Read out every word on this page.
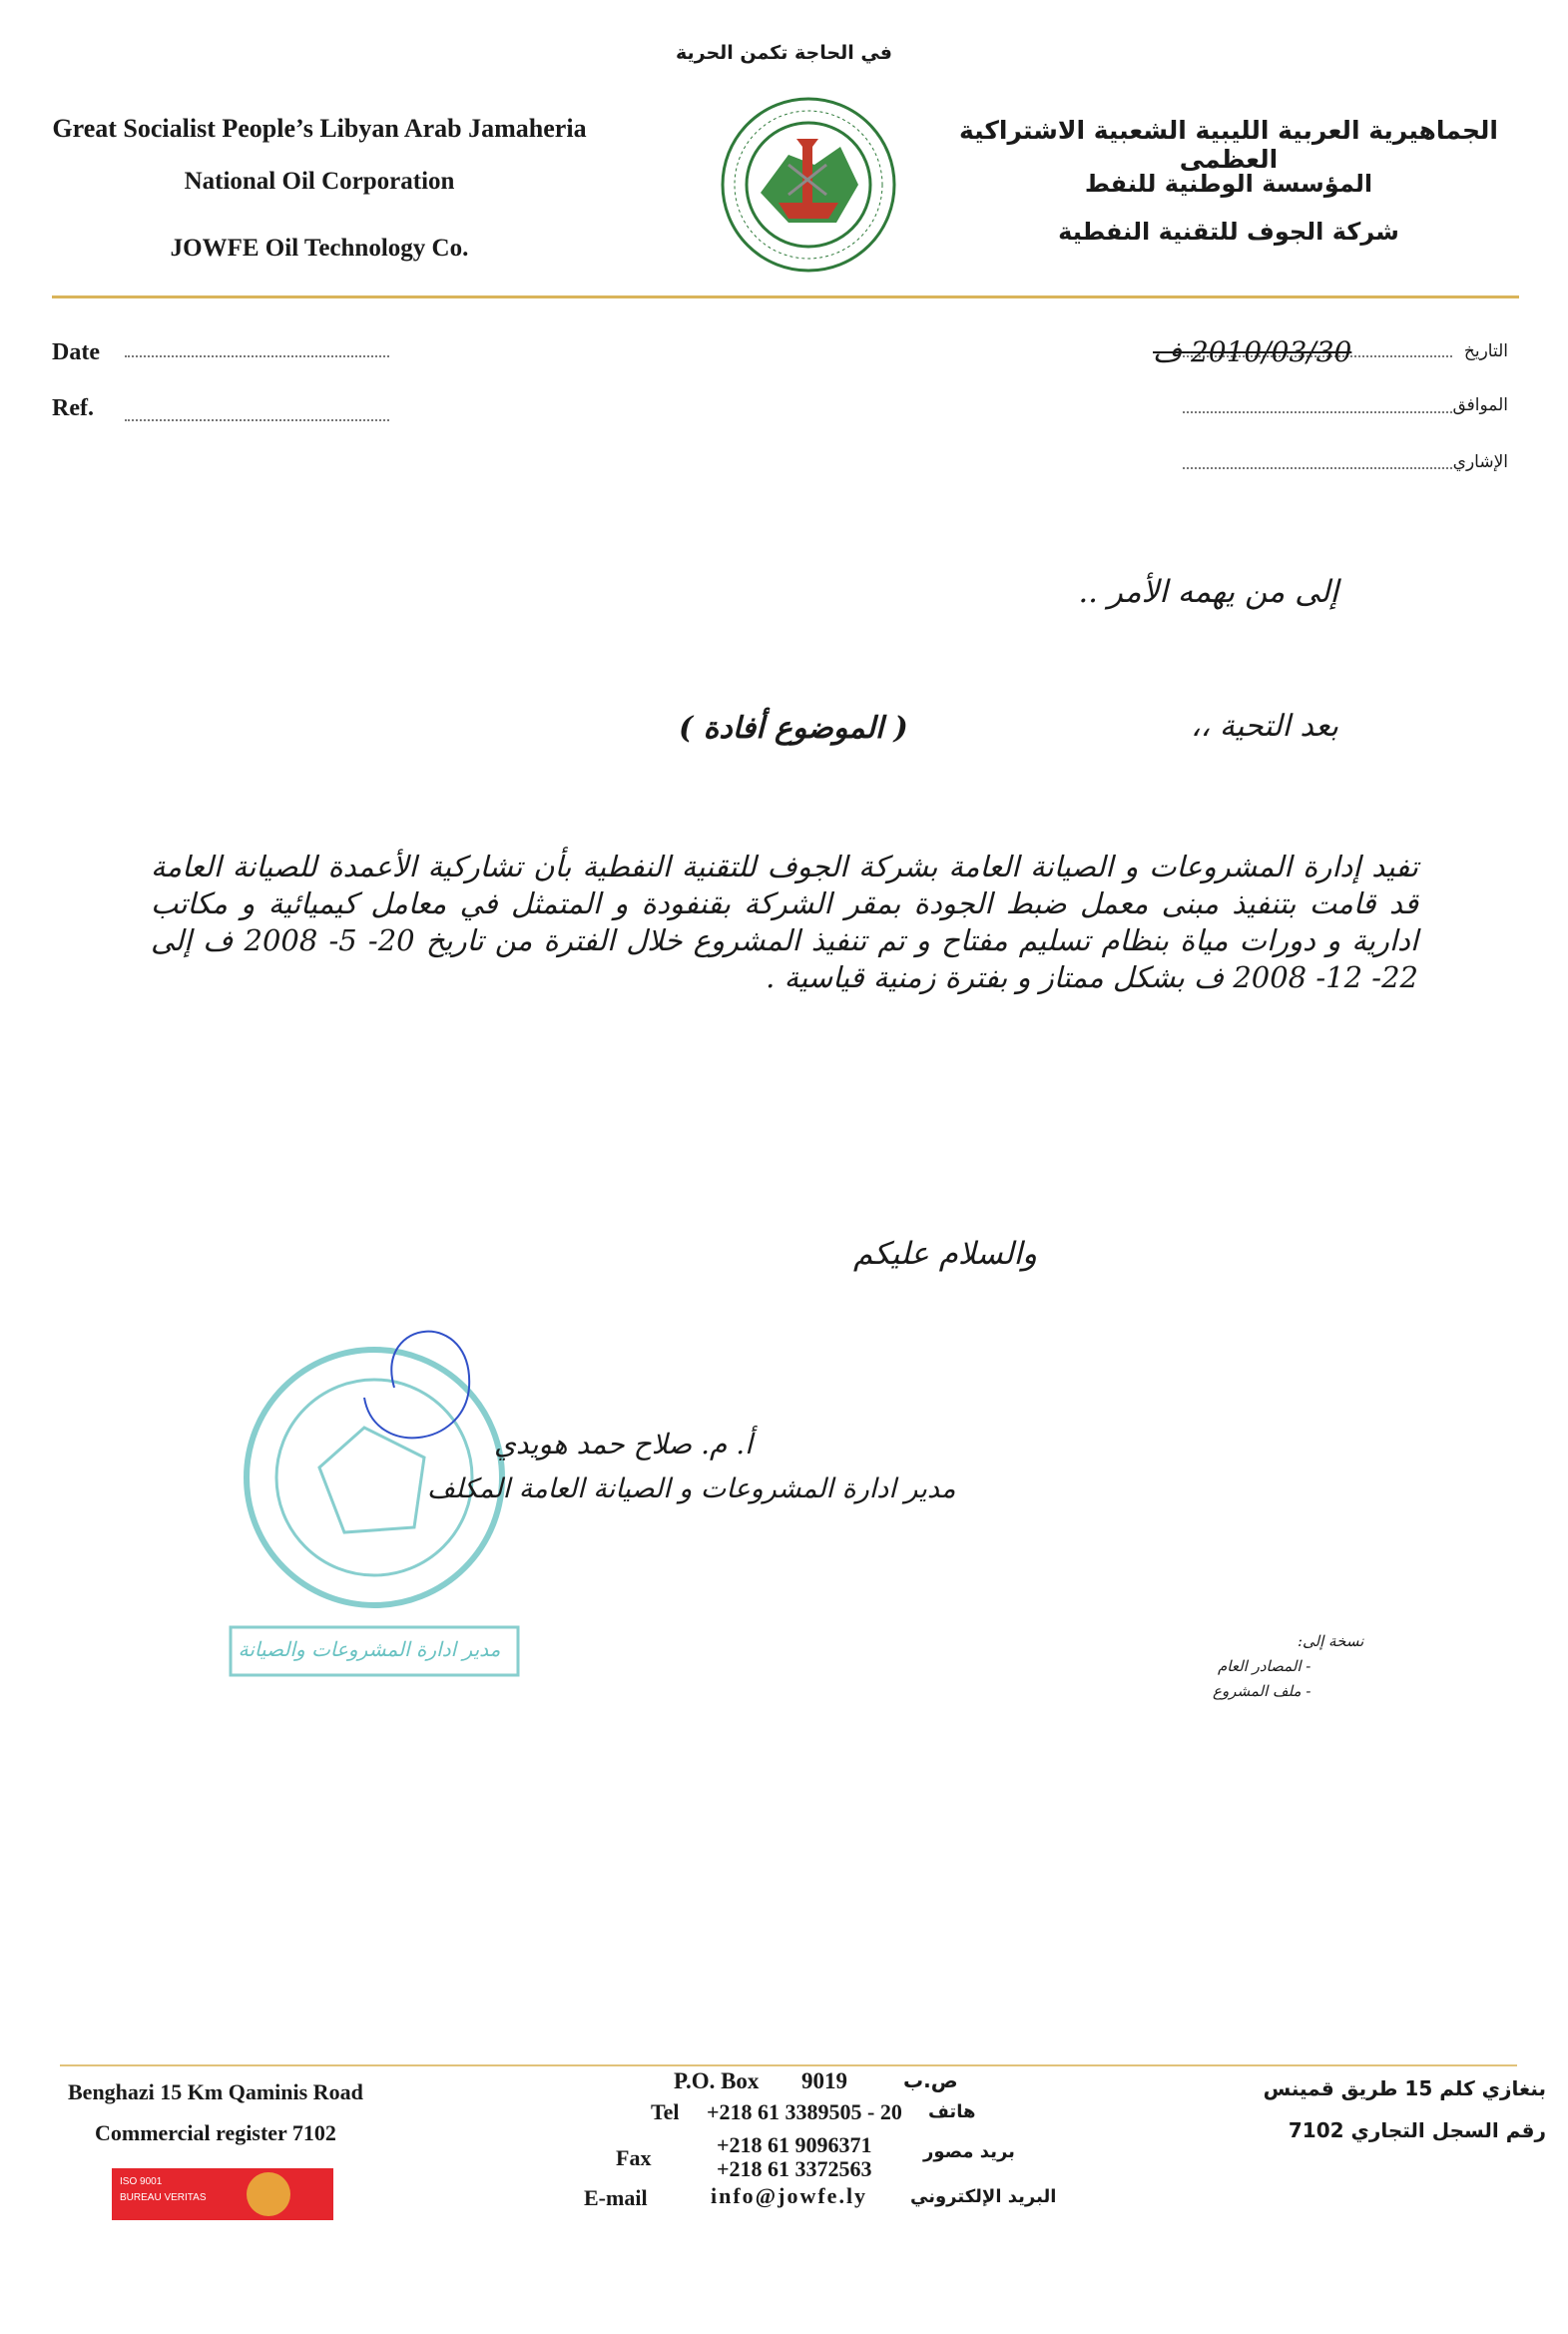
في الحاجة تكمن الحرية
Great Socialist People’s Libyan Arab Jamaheria
National Oil Corporation
JOWFE Oil Technology Co.
الجماهيرية العربية الليبية الشعبية الاشتراكية العظمى
المؤسسة الوطنية للنفط
شركة الجوف للتقنية النفطية
Date
Ref.
التاريخ
2010/03/30 ف
الموافق
الإشاري
إلى من يهمه الأمر ..
بعد التحية ،،
( الموضوع أفادة )
تفيد إدارة المشروعات و الصيانة العامة بشركة الجوف للتقنية النفطية بأن تشاركية الأعمدة للصيانة العامة قد قامت بتنفيذ مبنى معمل ضبط الجودة بمقر الشركة بقنفودة و المتمثل في معامل كيميائية و مكاتب ادارية و دورات مياة بنظام تسليم مفتاح و تم تنفيذ المشروع خلال الفترة من تاريخ 20- 5- 2008 ف إلى 22- 12- 2008 ف بشكل ممتاز و بفترة زمنية قياسية .
والسلام عليكم
مدير ادارة المشروعات والصيانة
أ. م. صلاح حمد هويدي
مدير ادارة المشروعات و الصيانة العامة المكلف
نسخة إلى:
- المصادر العام
- ملف المشروع
Benghazi 15 Km Qaminis Road
Commercial register 7102
ISO 9001
BUREAU VERITAS
P.O. Box 9019	ص.ب
Tel +218 61 3389505 - 20 هاتف
Fax
+218 61 9096371
+218 61 3372563
بريد مصور
E-mail	info@jowfe.ly البريد الإلكتروني
بنغازي كلم 15 طريق قمينس
رقم السجل التجاري 7102
